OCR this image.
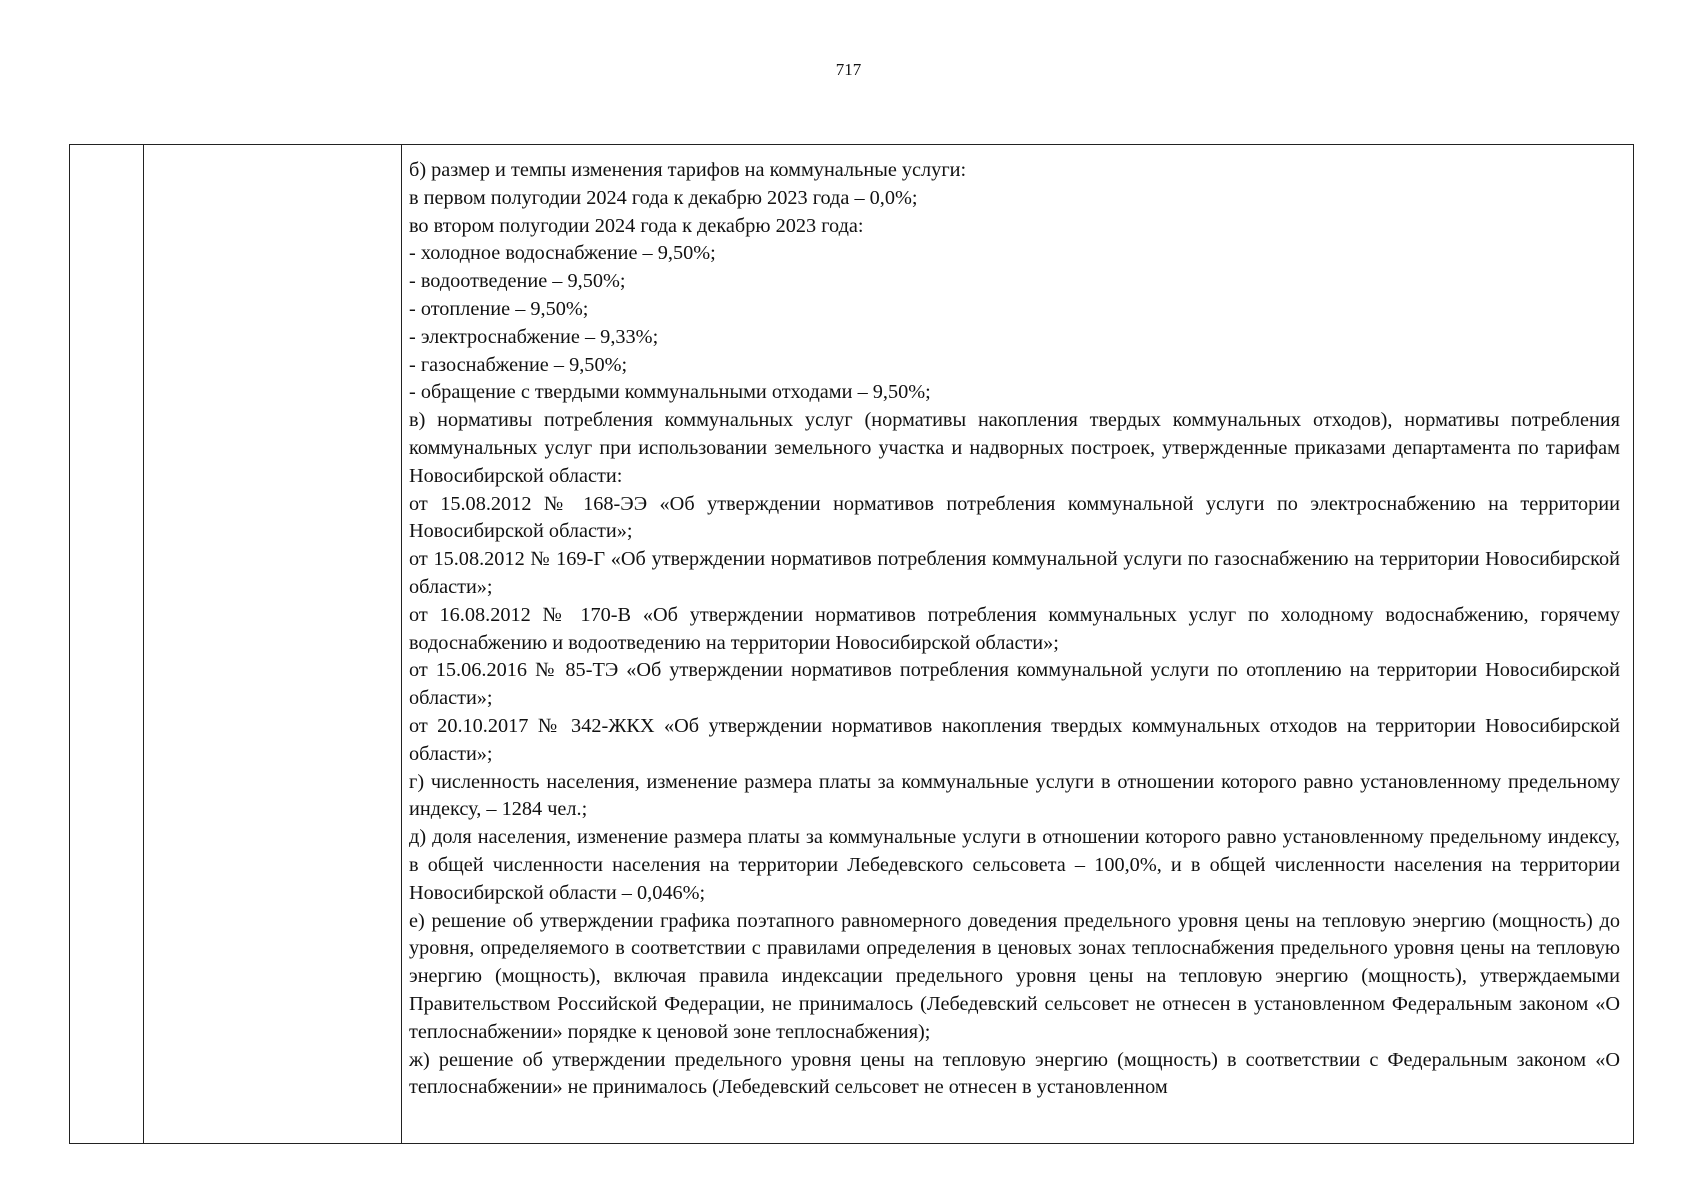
717

б) размер и темпы изменения тарифов на коммунальные услуги:

в первом полугодии 2024 года к декабрю 2023 года – 0,0%;

во втором полугодии 2024 года к декабрю 2023 года:

- холодное водоснабжение – 9,50%;

- водоотведение – 9,50%;

- отопление – 9,50%;

- электроснабжение – 9,33%;

- газоснабжение – 9,50%;

- обращение с твердыми коммунальными отходами – 9,50%;

в) нормативы потребления коммунальных услуг (нормативы накопления твердых коммунальных отходов), нормативы потребления коммунальных услуг при использовании земельного участка и надворных построек, утвержденные приказами департамента по тарифам Новосибирской области:

от 15.08.2012 № 168-ЭЭ «Об утверждении нормативов потребления коммунальной услуги по электроснабжению на территории Новосибирской области»;

от 15.08.2012 № 169-Г «Об утверждении нормативов потребления коммунальной услуги по газоснабжению на территории Новосибирской области»;

от 16.08.2012 № 170-В «Об утверждении нормативов потребления коммунальных услуг по холодному водоснабжению, горячему водоснабжению и водоотведению на территории Новосибирской области»;

от 15.06.2016 № 85-ТЭ «Об утверждении нормативов потребления коммунальной услуги по отоплению на территории Новосибирской области»;

от 20.10.2017 № 342-ЖКХ «Об утверждении нормативов накопления твердых коммунальных отходов на территории Новосибирской области»;

г) численность населения, изменение размера платы за коммунальные услуги в отношении которого равно установленному предельному индексу, – 1284 чел.;

д) доля населения, изменение размера платы за коммунальные услуги в отношении которого равно установленному предельному индексу, в общей численности населения на территории Лебедевского сельсовета – 100,0%, и в общей численности населения на территории Новосибирской области – 0,046%;

е) решение об утверждении графика поэтапного равномерного доведения предельного уровня цены на тепловую энергию (мощность) до уровня, определяемого в соответствии с правилами определения в ценовых зонах теплоснабжения предельного уровня цены на тепловую энергию (мощность), включая правила индексации предельного уровня цены на тепловую энергию (мощность), утверждаемыми Правительством Российской Федерации, не принималось (Лебедевский сельсовет не отнесен в установленном Федеральным законом «О теплоснабжении» порядке к ценовой зоне теплоснабжения);

ж) решение об утверждении предельного уровня цены на тепловую энергию (мощность) в соответствии с Федеральным законом «О теплоснабжении» не принималось (Лебедевский сельсовет не отнесен в установленном
